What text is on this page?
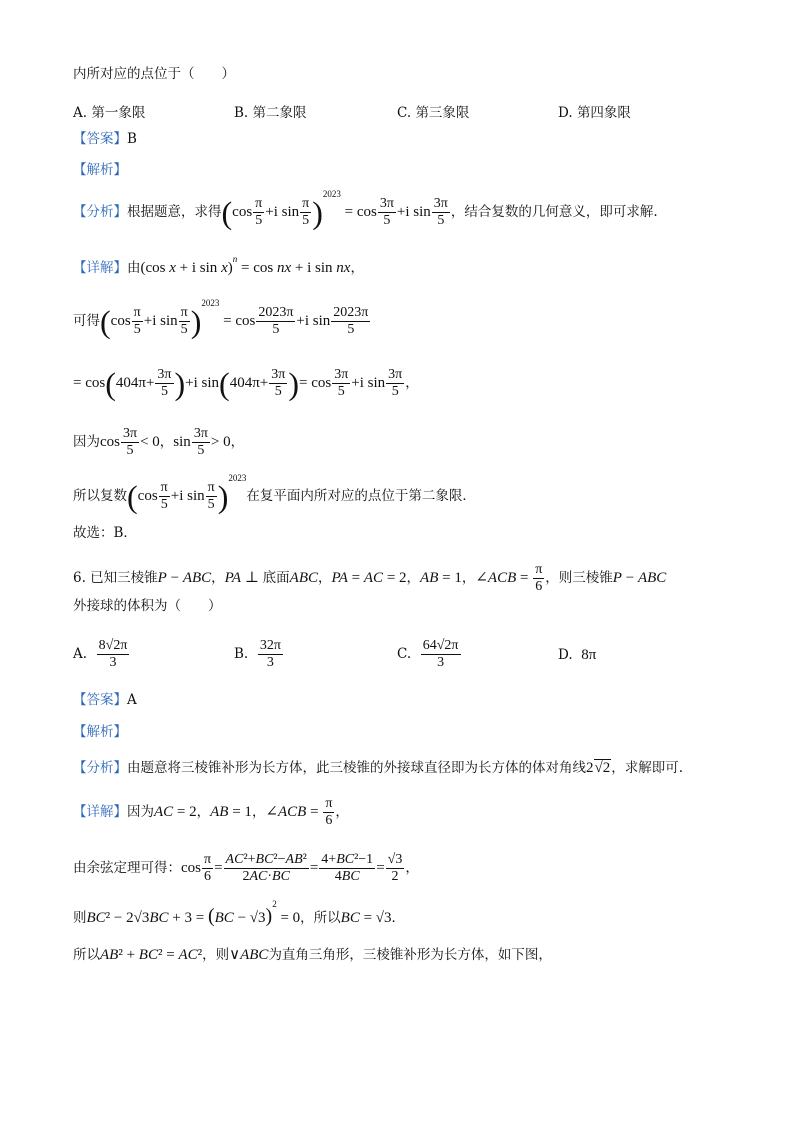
内所对应的点位于（　　）
A. 第一象限	B. 第二象限	C. 第三象限	D. 第四象限
【答案】B
【解析】
【分析】根据题意，求得($\cos \frac{\pi}{5} +i$ $\sin \frac{\pi}{5} )^{2023} = \cos \frac{3\pi}{5} +i$ $\sin \frac{3\pi}{5}$ ，结合复数的几何意义，即可求解.
【详解】由(cos x + i sin x)$^n$ = cos nx + i sin nx，
可得($\cos \frac{\pi}{5} +i$ $\sin \frac{\pi}{5} )^{2023} = \cos \frac{2023\pi}{5} +i$ $\sin \frac{2023\pi}{5}$
= $\cos(404\pi+ \frac{3\pi}{5} )+i$ $\sin(404\pi+ \frac{3\pi}{5}$ )= $\cos \frac{3\pi}{5} +i$ $\sin \frac{3\pi}{5}$ ，
因为$\cos \frac{3\pi}{5} < 0$，$\sin \frac{3\pi}{5} > 0$，
所以复数($\cos \frac{\pi}{5} +i$ $\sin \frac{\pi}{5} )^{2023}$在复平面内所对应的点位于第二象限．
故选：B．
6. 已知三棱锥P − ABC，PA ⊥ 底面ABC，PA = AC = 2，AB = 1，∠ACB = $\frac{\pi}{6}$ ，则三棱锥P − ABC
外接球的体积为（　　）
A. $\frac{8√2\pi}{3}$	B. $\frac{32\pi}{3}$	C. $\frac{64√2\pi}{3}$	D. 8π
【答案】A
【解析】
【分析】由题意将三棱锥补形为长方体，此三棱锥的外接球直径即为长方体的体对角线2√2，求解即可.
【详解】因为AC = 2，AB = 1，∠ACB = $\frac{\pi}{6}$ ，
由余弦定理可得：$\cos \frac{\pi}{6} = \frac{\text{AC²+BC²−AB²}}{2AC\cdot BC} = \frac{\text{4+BC²−1}}{4BC} = \frac{√3}{2}$ ，
则BC² − 2√3BC + 3 = (BC − √3)$^2$ = 0，所以BC = √3．
所以AB² + BC² = AC²，则∨ABC为直角三角形，三棱锥补形为长方体，如下图，
